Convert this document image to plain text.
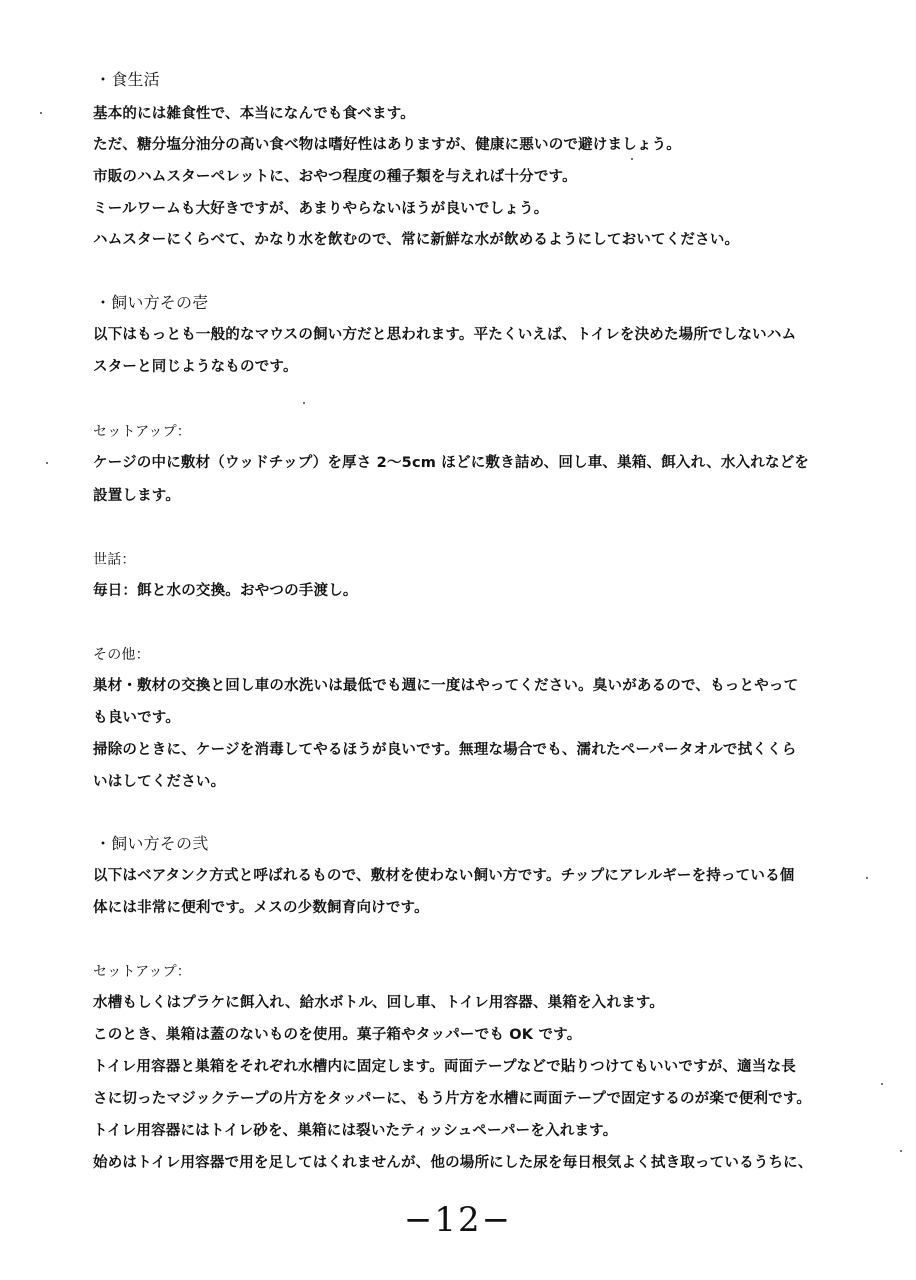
・食生活
基本的には雑食性で、本当になんでも食べます。
ただ、糖分塩分油分の高い食べ物は嗜好性はありますが、健康に悪いので避けましょう。
市販のハムスターペレットに、おやつ程度の種子類を与えれば十分です。
ミールワームも大好きですが、あまりやらないほうが良いでしょう。
ハムスターにくらべて、かなり水を飲むので、常に新鮮な水が飲めるようにしておいてください。
・飼い方その壱
以下はもっとも一般的なマウスの飼い方だと思われます。平たくいえば、トイレを決めた場所でしないハム
スターと同じようなものです。
セットアップ：
ケージの中に敷材（ウッドチップ）を厚さ 2〜5cm ほどに敷き詰め、回し車、巣箱、餌入れ、水入れなどを
設置します。
世話：
毎日：餌と水の交換。おやつの手渡し。
その他：
巣材・敷材の交換と回し車の水洗いは最低でも週に一度はやってください。臭いがあるので、もっとやって
も良いです。
掃除のときに、ケージを消毒してやるほうが良いです。無理な場合でも、濡れたペーパータオルで拭くくら
いはしてください。
・飼い方その弐
以下はベアタンク方式と呼ばれるもので、敷材を使わない飼い方です。チップにアレルギーを持っている個
体には非常に便利です。メスの少数飼育向けです。
セットアップ：
水槽もしくはプラケに餌入れ、給水ボトル、回し車、トイレ用容器、巣箱を入れます。
このとき、巣箱は蓋のないものを使用。菓子箱やタッパーでも OK です。
トイレ用容器と巣箱をそれぞれ水槽内に固定します。両面テープなどで貼りつけてもいいですが、適当な長
さに切ったマジックテープの片方をタッパーに、もう片方を水槽に両面テープで固定するのが楽で便利です。
トイレ用容器にはトイレ砂を、巣箱には裂いたティッシュペーパーを入れます。
始めはトイレ用容器で用を足してはくれませんが、他の場所にした尿を毎日根気よく拭き取っているうちに、
−12−
